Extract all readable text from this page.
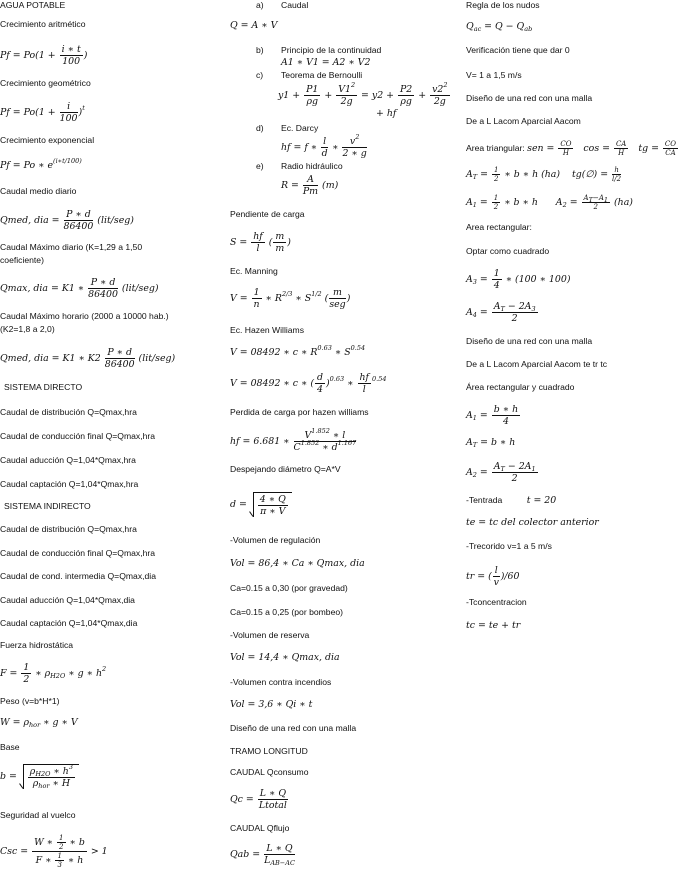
AGUA POTABLE
Crecimiento aritmético
$Pf = Po(1 + \frac{i ∗ t}{100}$ )
Crecimiento geométrico
$Pf = Po(1 + \frac{i}{100} )^t$
Crecimiento exponencial
Pf = Po ∗ $e^{(i∗t/100)}$
Caudal medio diario
Qmed, dia = $\frac{P ∗ d}{86400} (lit/seg)$
Caudal Máximo diario (K=1,29 a 1,50
coeficiente)
Qmax, dia = K1 ∗ $\frac{P ∗ d}{86400} (lit/seg)$
Caudal Máximo horario (2000 a 10000 hab.)
(K2=1,8 a 2,0)
Qmed, dia = K1 ∗ $K2 \frac{P ∗ d}{86400} (lit/seg)$
SISTEMA DIRECTO
Caudal de distribución Q=Qmax,hra
Caudal de conducción final Q=Qmax,hra
Caudal aducción Q=1,04*Qmax,hra
Caudal captación Q=1,04*Qmax,hra
SISTEMA INDIRECTO
Caudal de distribución Q=Qmax,hra
Caudal de conducción final Q=Qmax,hra
Caudal de cond. intermedia Q=Qmax,dia
Caudal aducción Q=1,04*Qmax,dia
Caudal captación Q=1,04*Qmax,dia
Fuerza hidrostática
$F = \frac{1}{2}$ ∗ $\rho_{H2O}$ ∗ g ∗ $h^2$
Peso (v=b*H*1)
$W = \rho_{hor}$ ∗ g ∗ V
Base
$b = \frac{\rho_{H2O} ∗ h^3}{\rho_{hor} ∗ H}$
Seguridad al vuelco
Csc = $\frac{W ∗ \frac{1}{2} ∗ b}{F ∗ \frac{1}{3} ∗ h} > 1$
a)	Caudal
Q = A ∗ V
b)	Principio de la continuidad
A1 ∗ V1 = A2 ∗ V2
c)	Teorema de Bernoulli
$y1 + \frac{P1}{\rho g} + \frac{V1^2}{2g} = y2 + \frac{P2}{\rho g} + \frac{v2^2}{2g}$
+ hf
d)	Ec. Darcy
hf = f ∗ $\frac{l}{d}$ ∗ $\frac{v^2}{2 ∗ g}$
e)	Radio hidráulico
$R = \frac{A}{Pm} (m)$
Pendiente de carga
$S = \frac{hf}{l}$ ( $\frac{m}{m}$ )
Ec. Manning
$V = \frac{1}{n}$ ∗ $R^{2/3}$ ∗ $S^{1/2}$ ( $\frac{m}{\text{seg}}$ )
Ec. Hazen Williams
V = 08492 ∗ c ∗ $R^{0.63}$ ∗ $S^{0.54}$
V = 08492 ∗ c ∗ ( $\frac{d}{4} )^{0.63}$ ∗ $\frac{hf}{l} ^{0.54}$
Perdida de carga por hazen williams
hf = 6.681 ∗ $\frac{V^{1.852} ∗ l}{C^{1.852} ∗ d^{1.167}}$
Despejando diámetro Q=A*V
$d = \frac{4 ∗ Q}{\pi ∗ V}$
-Volumen de regulación
Vol = 86,4 ∗ Ca ∗ Qmax, dia
Ca=0.15 a 0,30 (por gravedad)
Ca=0.15 a 0,25 (por bombeo)
-Volumen de reserva
Vol = 14,4 ∗ Qmax, dia
-Volumen contra incendios
Vol = 3,6 ∗ Qi ∗ t
Diseño de una red con una malla
TRAMO LONGITUD
CAUDAL Qconsumo
$Qc = \frac{L ∗ Q}{\text{Ltotal}}$
CAUDAL Qflujo
Qab = $\frac{L ∗ Q}{L_{AB-AC}}$
Regla de los nudos
$Q_{ac} = Q - Q_{ab}$
Verificación tiene que dar 0
V= 1 a 1,5 m/s
Diseño de una red con una malla
De a L Lacom Aparcial Aacom
Area triangular: sen = $\frac{CO}{H}$ $\cos = \frac{CA}{H}$ tg = $\frac{CO}{CA}$
$A_T = \frac{1}{2}$ ∗ b ∗ h (ha)    tg(∅) = $\frac{h}{l/2}$
$A_1 = \frac{1}{2}$ ∗ b ∗ h      $A_2 = \frac{A_T-A_1}{2} (ha)$
Area rectangular:
Optar como cuadrado
$A_3 = \frac{1}{4}$ ∗ (100 ∗ 100)
$A_4 = \frac{A_T - 2A_3}{2}$
Diseño de una red con una malla
De a L Lacom Aparcial Aacom te tr tc
Área rectangular y cuadrado
$A_1 = \frac{b ∗ h}{4}$
$A_T = b$ ∗ h
$A_2 = \frac{A_T - 2A_1}{2}$
-Tentrada	t = 20
te = tc del colector anterior
-Trecorido v=1 a 5 m/s
tr = ( $\frac{l}{v} )/60$
-Tconcentracion
tc = te + tr
